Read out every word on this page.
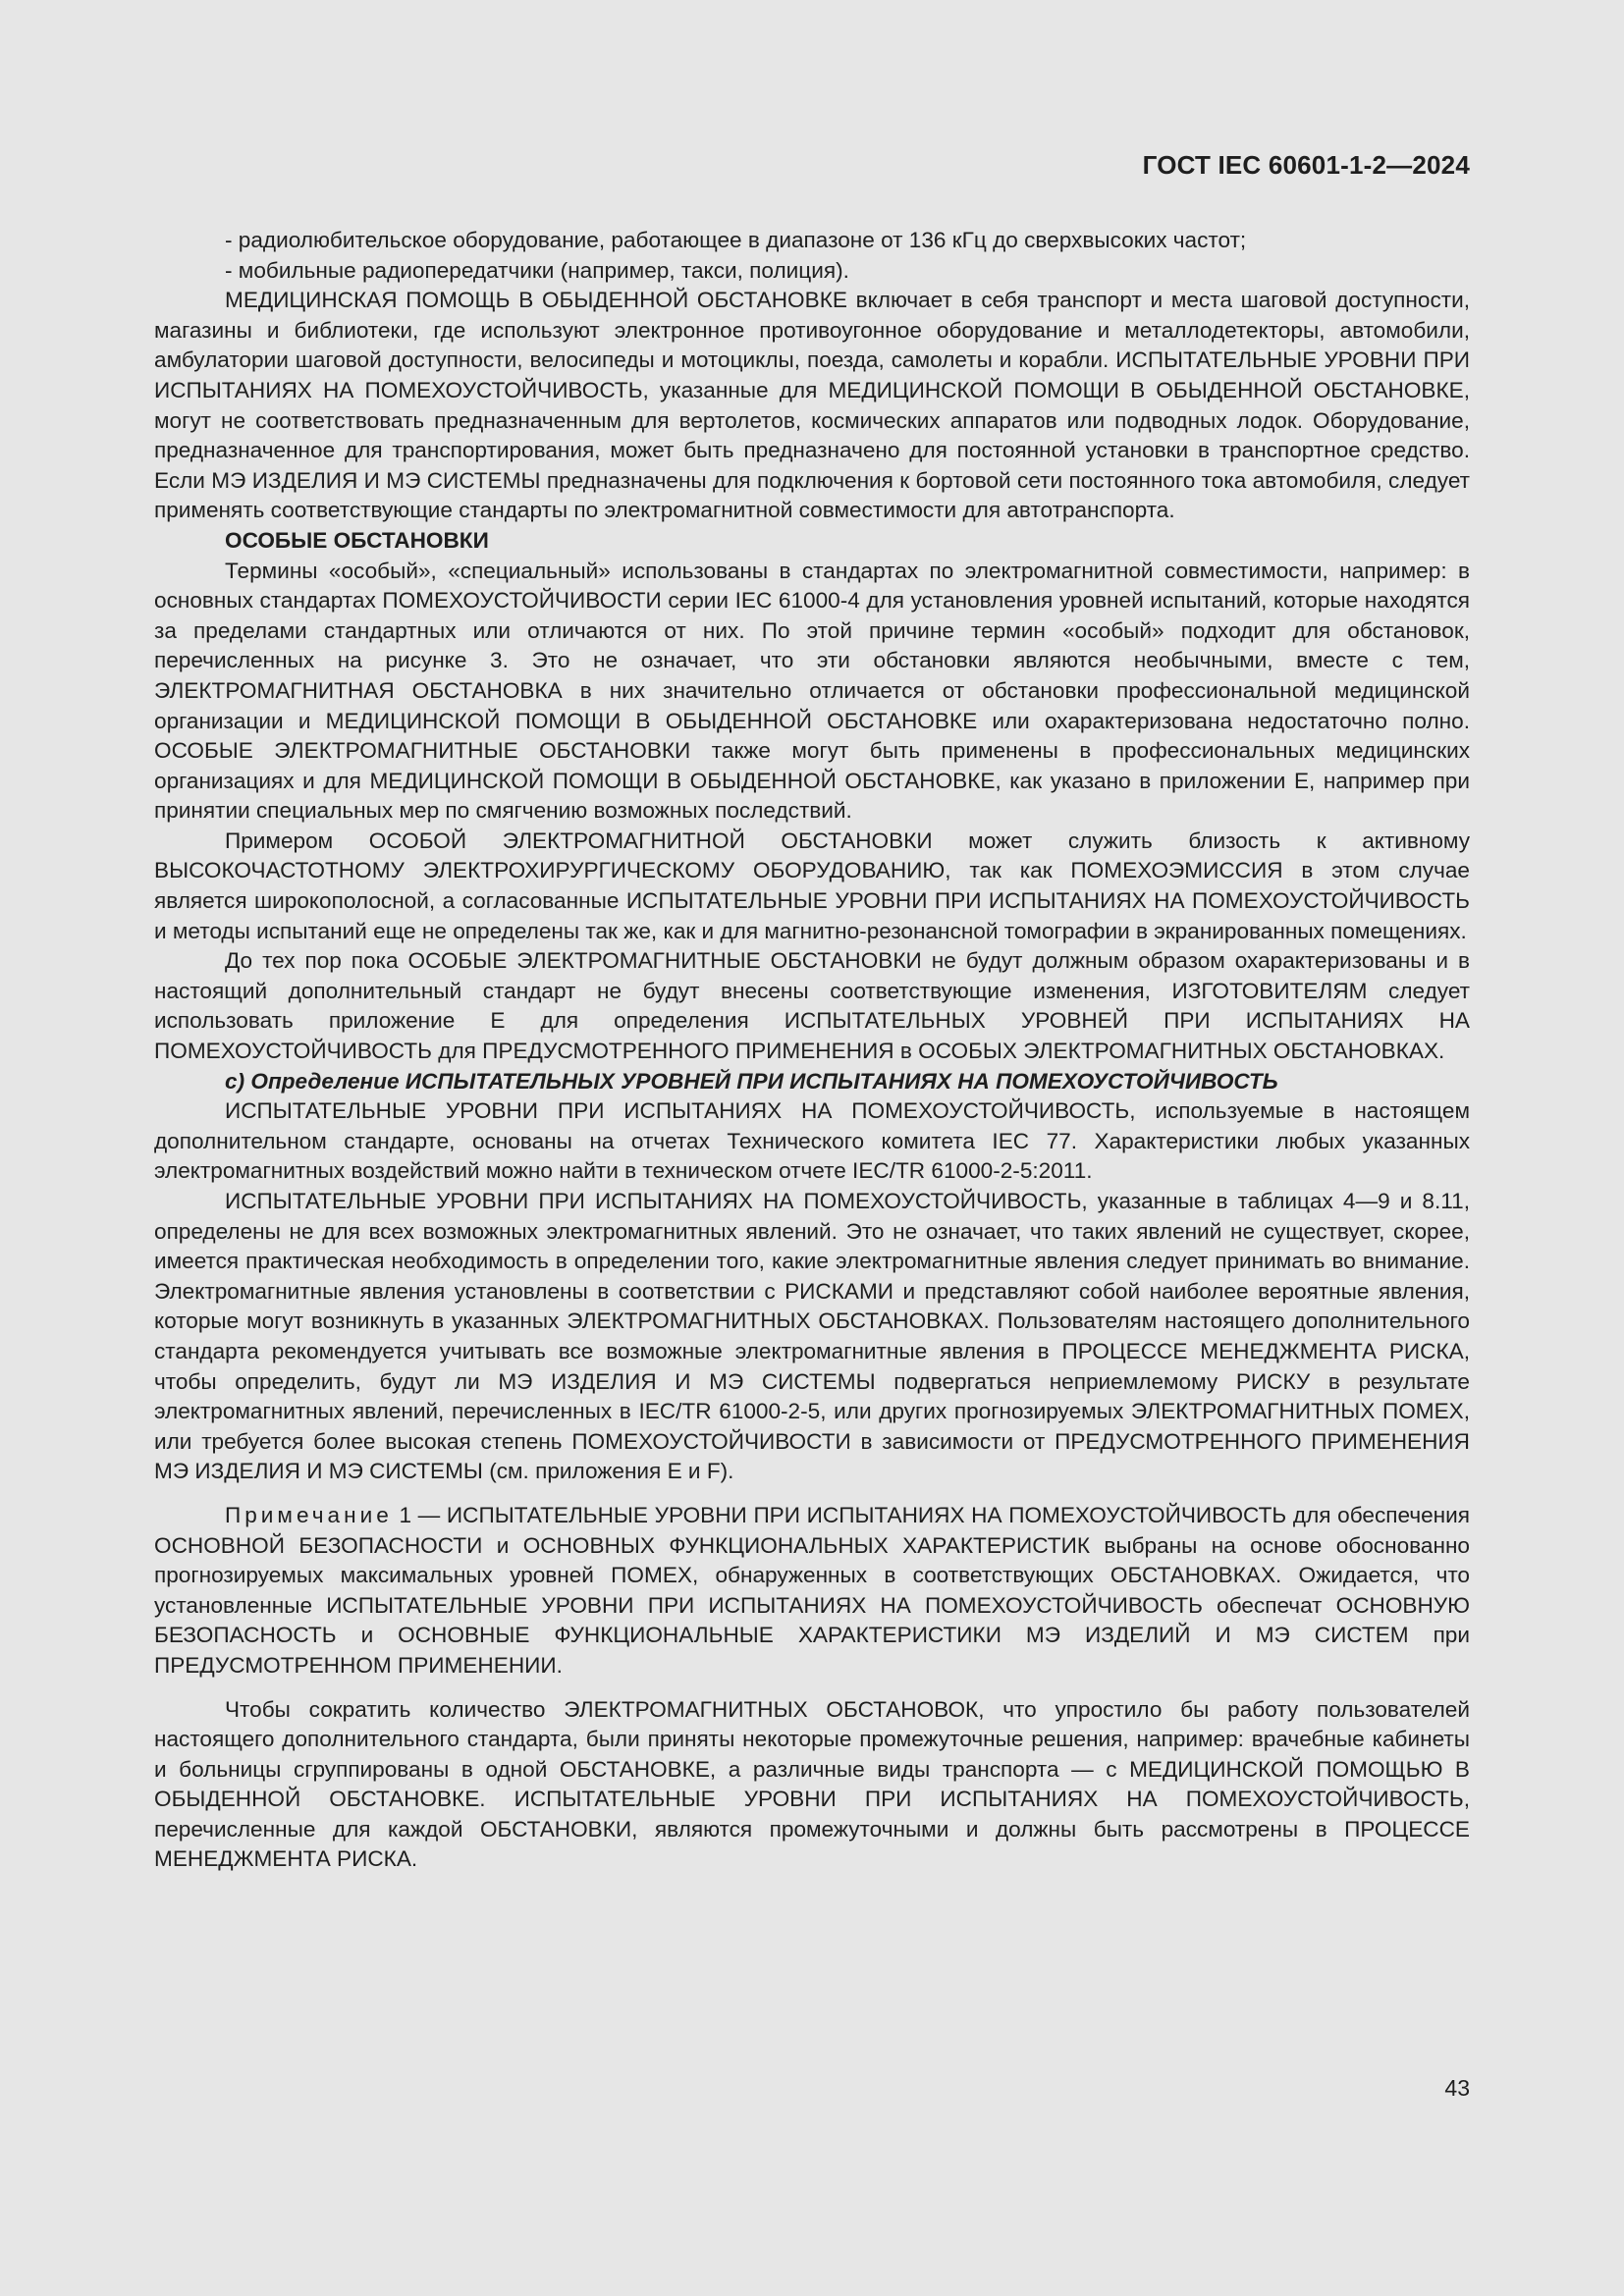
ГОСТ IEC 60601-1-2—2024

- радиолюбительское оборудование, работающее в диапазоне от 136 кГц до сверхвысоких частот;

- мобильные радиопередатчики (например, такси, полиция).

МЕДИЦИНСКАЯ ПОМОЩЬ В ОБЫДЕННОЙ ОБСТАНОВКЕ включает в себя транспорт и места шаговой доступности, магазины и библиотеки, где используют электронное противоугонное оборудование и металлодетекторы, автомобили, амбулатории шаговой доступности, велосипеды и мотоциклы, поезда, самолеты и корабли. ИСПЫТАТЕЛЬНЫЕ УРОВНИ ПРИ ИСПЫТАНИЯХ НА ПОМЕХОУСТОЙЧИВОСТЬ, указанные для МЕДИЦИНСКОЙ ПОМОЩИ В ОБЫДЕННОЙ ОБСТАНОВКЕ, могут не соответствовать предназначенным для вертолетов, космических аппаратов или подводных лодок. Оборудование, предназначенное для транспортирования, может быть предназначено для постоянной установки в транспортное средство. Если МЭ ИЗДЕЛИЯ И МЭ СИСТЕМЫ предназначены для подключения к бортовой сети постоянного тока автомобиля, следует применять соответствующие стандарты по электромагнитной совместимости для автотранспорта.

ОСОБЫЕ ОБСТАНОВКИ

Термины «особый», «специальный» использованы в стандартах по электромагнитной совместимости, например: в основных стандартах ПОМЕХОУСТОЙЧИВОСТИ серии IEC 61000-4 для установления уровней испытаний, которые находятся за пределами стандартных или отличаются от них. По этой причине термин «особый» подходит для обстановок, перечисленных на рисунке 3. Это не означает, что эти обстановки являются необычными, вместе с тем, ЭЛЕКТРОМАГНИТНАЯ ОБСТАНОВКА в них значительно отличается от обстановки профессиональной медицинской организации и МЕДИЦИНСКОЙ ПОМОЩИ В ОБЫДЕННОЙ ОБСТАНОВКЕ или охарактеризована недостаточно полно. ОСОБЫЕ ЭЛЕКТРОМАГНИТНЫЕ ОБСТАНОВКИ также могут быть применены в профессиональных медицинских организациях и для МЕДИЦИНСКОЙ ПОМОЩИ В ОБЫДЕННОЙ ОБСТАНОВКЕ, как указано в приложении Е, например при принятии специальных мер по смягчению возможных последствий.

Примером ОСОБОЙ ЭЛЕКТРОМАГНИТНОЙ ОБСТАНОВКИ может служить близость к активному ВЫСОКОЧАСТОТНОМУ ЭЛЕКТРОХИРУРГИЧЕСКОМУ ОБОРУДОВАНИЮ, так как ПОМЕХОЭМИССИЯ в этом случае является широкополосной, а согласованные ИСПЫТАТЕЛЬНЫЕ УРОВНИ ПРИ ИСПЫТАНИЯХ НА ПОМЕХОУСТОЙЧИВОСТЬ и методы испытаний еще не определены так же, как и для магнитно-резонансной томографии в экранированных помещениях.

До тех пор пока ОСОБЫЕ ЭЛЕКТРОМАГНИТНЫЕ ОБСТАНОВКИ не будут должным образом охарактеризованы и в настоящий дополнительный стандарт не будут внесены соответствующие изменения, ИЗГОТОВИТЕЛЯМ следует использовать приложение Е для определения ИСПЫТАТЕЛЬНЫХ УРОВНЕЙ ПРИ ИСПЫТАНИЯХ НА ПОМЕХОУСТОЙЧИВОСТЬ для ПРЕДУСМОТРЕННОГО ПРИМЕНЕНИЯ в ОСОБЫХ ЭЛЕКТРОМАГНИТНЫХ ОБСТАНОВКАХ.

c) Определение ИСПЫТАТЕЛЬНЫХ УРОВНЕЙ ПРИ ИСПЫТАНИЯХ НА ПОМЕХОУСТОЙЧИВОСТЬ

ИСПЫТАТЕЛЬНЫЕ УРОВНИ ПРИ ИСПЫТАНИЯХ НА ПОМЕХОУСТОЙЧИВОСТЬ, используемые в настоящем дополнительном стандарте, основаны на отчетах Технического комитета IEC 77. Характеристики любых указанных электромагнитных воздействий можно найти в техническом отчете IEC/TR 61000-2-5:2011.

ИСПЫТАТЕЛЬНЫЕ УРОВНИ ПРИ ИСПЫТАНИЯХ НА ПОМЕХОУСТОЙЧИВОСТЬ, указанные в таблицах 4—9 и 8.11, определены не для всех возможных электромагнитных явлений. Это не означает, что таких явлений не существует, скорее, имеется практическая необходимость в определении того, какие электромагнитные явления следует принимать во внимание. Электромагнитные явления установлены в соответствии с РИСКАМИ и представляют собой наиболее вероятные явления, которые могут возникнуть в указанных ЭЛЕКТРОМАГНИТНЫХ ОБСТАНОВКАХ. Пользователям настоящего дополнительного стандарта рекомендуется учитывать все возможные электромагнитные явления в ПРОЦЕССЕ МЕНЕДЖМЕНТА РИСКА, чтобы определить, будут ли МЭ ИЗДЕЛИЯ И МЭ СИСТЕМЫ подвергаться неприемлемому РИСКУ в результате электромагнитных явлений, перечисленных в IEC/TR 61000-2-5, или других прогнозируемых ЭЛЕКТРОМАГНИТНЫХ ПОМЕХ, или требуется более высокая степень ПОМЕХОУСТОЙЧИВОСТИ в зависимости от ПРЕДУСМОТРЕННОГО ПРИМЕНЕНИЯ МЭ ИЗДЕЛИЯ И МЭ СИСТЕМЫ (см. приложения Е и F).

Примечание 1 — ИСПЫТАТЕЛЬНЫЕ УРОВНИ ПРИ ИСПЫТАНИЯХ НА ПОМЕХОУСТОЙЧИВОСТЬ для обеспечения ОСНОВНОЙ БЕЗОПАСНОСТИ и ОСНОВНЫХ ФУНКЦИОНАЛЬНЫХ ХАРАКТЕРИСТИК выбраны на основе обоснованно прогнозируемых максимальных уровней ПОМЕХ, обнаруженных в соответствующих ОБСТАНОВКАХ. Ожидается, что установленные ИСПЫТАТЕЛЬНЫЕ УРОВНИ ПРИ ИСПЫТАНИЯХ НА ПОМЕХОУСТОЙЧИВОСТЬ обеспечат ОСНОВНУЮ БЕЗОПАСНОСТЬ и ОСНОВНЫЕ ФУНКЦИОНАЛЬНЫЕ ХАРАКТЕРИСТИКИ МЭ ИЗДЕЛИЙ И МЭ СИСТЕМ при ПРЕДУСМОТРЕННОМ ПРИМЕНЕНИИ.

Чтобы сократить количество ЭЛЕКТРОМАГНИТНЫХ ОБСТАНОВОК, что упростило бы работу пользователей настоящего дополнительного стандарта, были приняты некоторые промежуточные решения, например: врачебные кабинеты и больницы сгруппированы в одной ОБСТАНОВКЕ, а различные виды транспорта — с МЕДИЦИНСКОЙ ПОМОЩЬЮ В ОБЫДЕННОЙ ОБСТАНОВКЕ. ИСПЫТАТЕЛЬНЫЕ УРОВНИ ПРИ ИСПЫТАНИЯХ НА ПОМЕХОУСТОЙЧИВОСТЬ, перечисленные для каждой ОБСТАНОВКИ, являются промежуточными и должны быть рассмотрены в ПРОЦЕССЕ МЕНЕДЖМЕНТА РИСКА.

43
